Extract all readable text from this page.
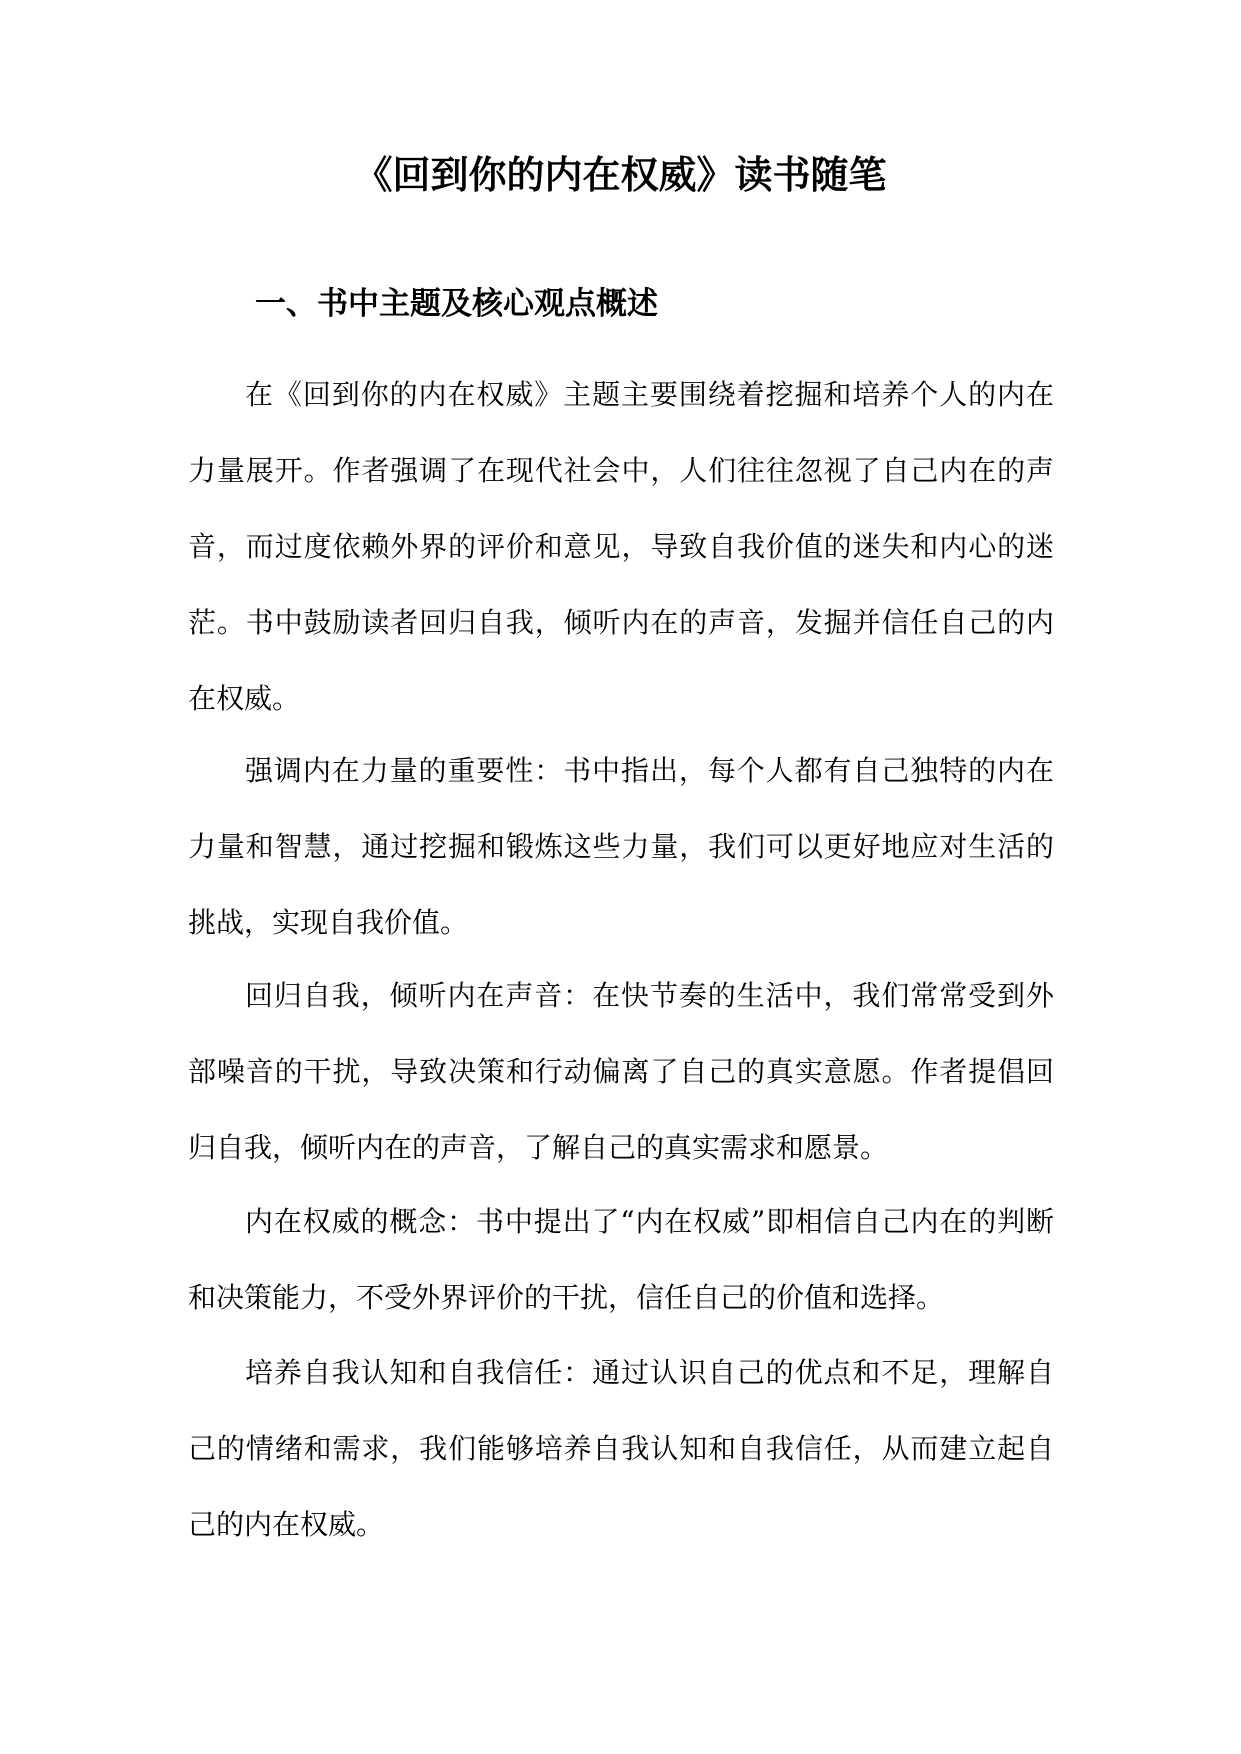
《回到你的内在权威》读书随笔
一、书中主题及核心观点概述

在《回到你的内在权威》主题主要围绕着挖掘和培养个人的内在力量展开。作者强调了在现代社会中，人们往往忽视了自己内在的声音，而过度依赖外界的评价和意见，导致自我价值的迷失和内心的迷茫。书中鼓励读者回归自我，倾听内在的声音，发掘并信任自己的内在权威。

强调内在力量的重要性：书中指出，每个人都有自己独特的内在力量和智慧，通过挖掘和锻炼这些力量，我们可以更好地应对生活的挑战，实现自我价值。

回归自我，倾听内在声音：在快节奏的生活中，我们常常受到外部噪音的干扰，导致决策和行动偏离了自己的真实意愿。作者提倡回归自我，倾听内在的声音，了解自己的真实需求和愿景。

内在权威的概念：书中提出了“内在权威”即相信自己内在的判断和决策能力，不受外界评价的干扰，信任自己的价值和选择。

培养自我认知和自我信任：通过认识自己的优点和不足，理解自己的情绪和需求，我们能够培养自我认知和自我信任，从而建立起自己的内在权威。
